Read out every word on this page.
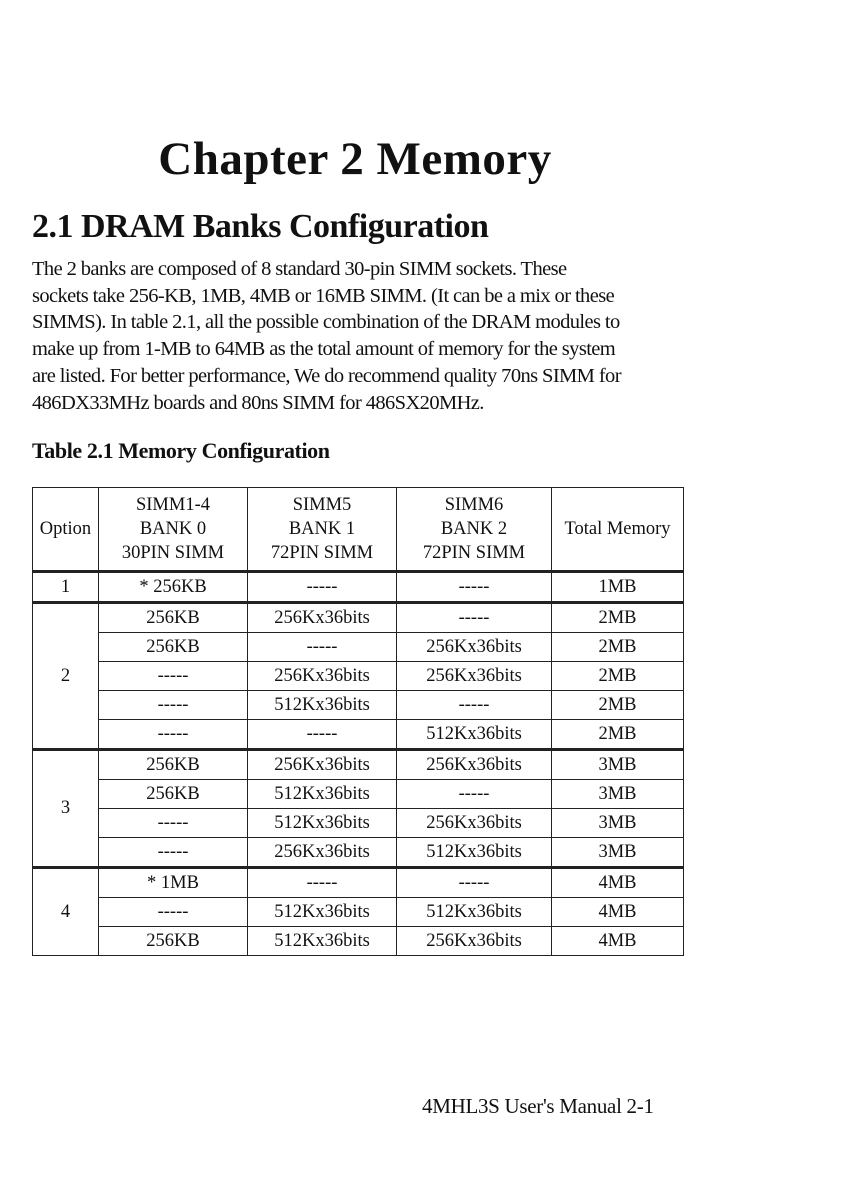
Chapter 2 Memory
2.1 DRAM Banks Configuration

The 2 banks are composed of 8 standard 30-pin SIMM sockets. These
sockets take 256-KB, 1MB, 4MB or 16MB SIMM. (It can be a mix or these
SIMMS). In table 2.1, all the possible combination of the DRAM modules to
make up from 1-MB to 64MB as the total amount of memory for the system
are listed. For better performance, We do recommend quality 70ns SIMM for
486DX33MHz boards and 80ns SIMM for 486SX20MHz.

Table 2.1 Memory Configuration
Option	SIMM1-4
BANK 0
30PIN SIMM	SIMM5
BANK 1
72PIN SIMM	SIMM6
BANK 2
72PIN SIMM	Total Memory
1	* 256KB	-----	-----	1MB
2	256KB	256Kx36bits	-----	2MB
	256KB	-----	256Kx36bits	2MB
	-----	256Kx36bits	256Kx36bits	2MB
	-----	512Kx36bits	-----	2MB
	-----	-----	512Kx36bits	2MB
3	256KB	256Kx36bits	256Kx36bits	3MB
	256KB	512Kx36bits	-----	3MB
	-----	512Kx36bits	256Kx36bits	3MB
	-----	256Kx36bits	512Kx36bits	3MB
4	* 1MB	-----	-----	4MB
	-----	512Kx36bits	512Kx36bits	4MB
	256KB	512Kx36bits	256Kx36bits	4MB

4MHL3S User's Manual 2-1
